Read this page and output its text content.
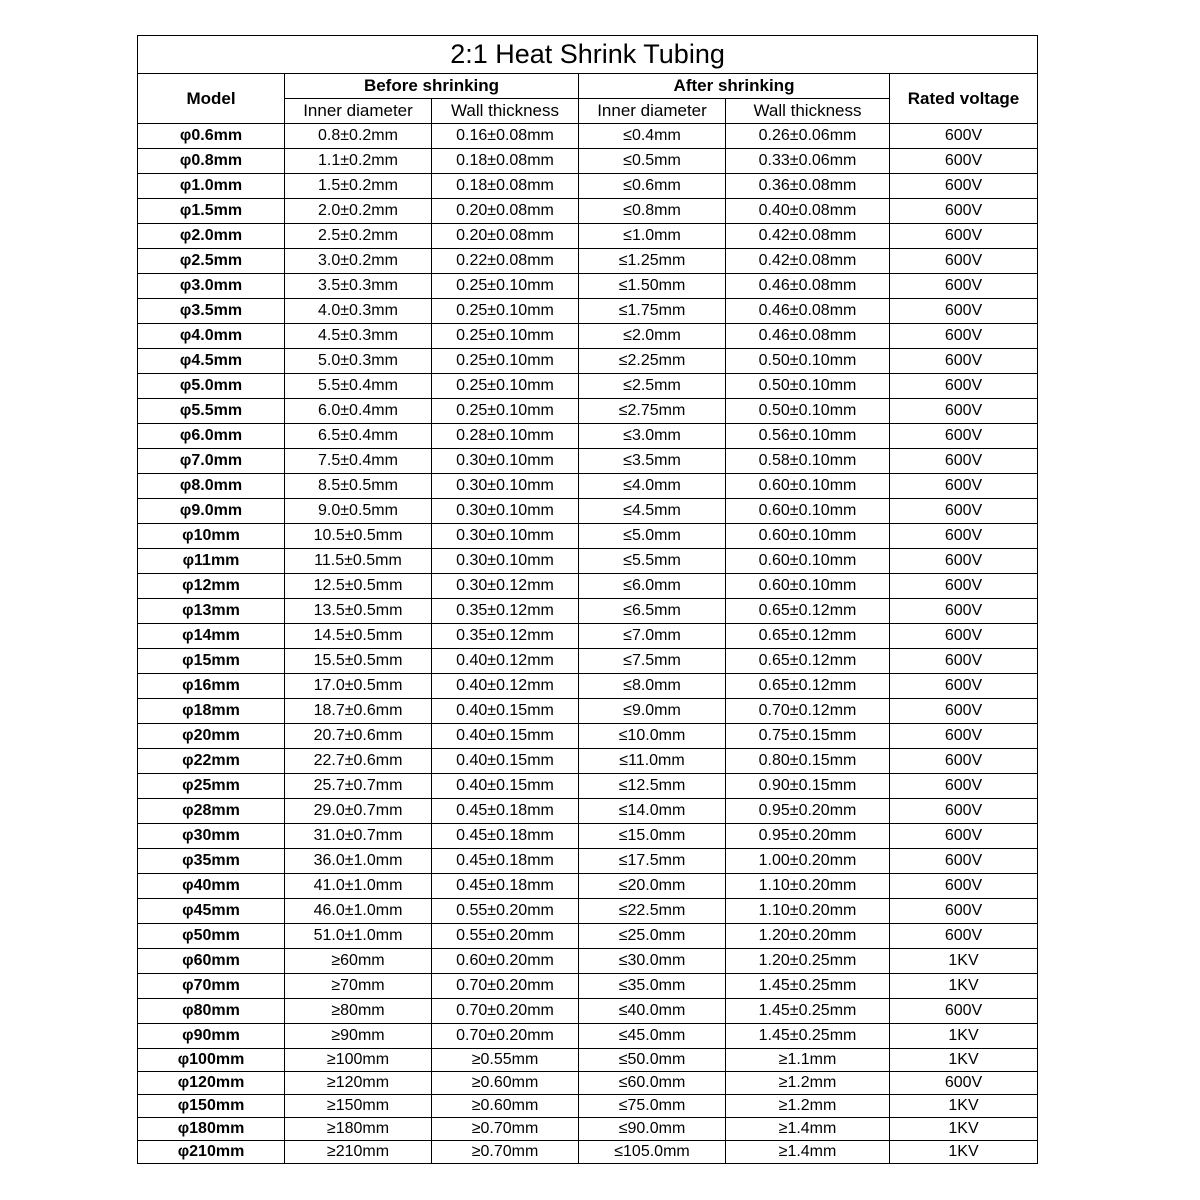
2:1 Heat Shrink Tubing					
Model	Before shrinking		After shrinking		Rated voltage
	Inner diameter	Wall thickness	Inner diameter	Wall thickness	
φ0.6mm	0.8±0.2mm	0.16±0.08mm	≤0.4mm	0.26±0.06mm	600V
φ0.8mm	1.1±0.2mm	0.18±0.08mm	≤0.5mm	0.33±0.06mm	600V
φ1.0mm	1.5±0.2mm	0.18±0.08mm	≤0.6mm	0.36±0.08mm	600V
φ1.5mm	2.0±0.2mm	0.20±0.08mm	≤0.8mm	0.40±0.08mm	600V
φ2.0mm	2.5±0.2mm	0.20±0.08mm	≤1.0mm	0.42±0.08mm	600V
φ2.5mm	3.0±0.2mm	0.22±0.08mm	≤1.25mm	0.42±0.08mm	600V
φ3.0mm	3.5±0.3mm	0.25±0.10mm	≤1.50mm	0.46±0.08mm	600V
φ3.5mm	4.0±0.3mm	0.25±0.10mm	≤1.75mm	0.46±0.08mm	600V
φ4.0mm	4.5±0.3mm	0.25±0.10mm	≤2.0mm	0.46±0.08mm	600V
φ4.5mm	5.0±0.3mm	0.25±0.10mm	≤2.25mm	0.50±0.10mm	600V
φ5.0mm	5.5±0.4mm	0.25±0.10mm	≤2.5mm	0.50±0.10mm	600V
φ5.5mm	6.0±0.4mm	0.25±0.10mm	≤2.75mm	0.50±0.10mm	600V
φ6.0mm	6.5±0.4mm	0.28±0.10mm	≤3.0mm	0.56±0.10mm	600V
φ7.0mm	7.5±0.4mm	0.30±0.10mm	≤3.5mm	0.58±0.10mm	600V
φ8.0mm	8.5±0.5mm	0.30±0.10mm	≤4.0mm	0.60±0.10mm	600V
φ9.0mm	9.0±0.5mm	0.30±0.10mm	≤4.5mm	0.60±0.10mm	600V
φ10mm	10.5±0.5mm	0.30±0.10mm	≤5.0mm	0.60±0.10mm	600V
φ11mm	11.5±0.5mm	0.30±0.10mm	≤5.5mm	0.60±0.10mm	600V
φ12mm	12.5±0.5mm	0.30±0.12mm	≤6.0mm	0.60±0.10mm	600V
φ13mm	13.5±0.5mm	0.35±0.12mm	≤6.5mm	0.65±0.12mm	600V
φ14mm	14.5±0.5mm	0.35±0.12mm	≤7.0mm	0.65±0.12mm	600V
φ15mm	15.5±0.5mm	0.40±0.12mm	≤7.5mm	0.65±0.12mm	600V
φ16mm	17.0±0.5mm	0.40±0.12mm	≤8.0mm	0.65±0.12mm	600V
φ18mm	18.7±0.6mm	0.40±0.15mm	≤9.0mm	0.70±0.12mm	600V
φ20mm	20.7±0.6mm	0.40±0.15mm	≤10.0mm	0.75±0.15mm	600V
φ22mm	22.7±0.6mm	0.40±0.15mm	≤11.0mm	0.80±0.15mm	600V
φ25mm	25.7±0.7mm	0.40±0.15mm	≤12.5mm	0.90±0.15mm	600V
φ28mm	29.0±0.7mm	0.45±0.18mm	≤14.0mm	0.95±0.20mm	600V
φ30mm	31.0±0.7mm	0.45±0.18mm	≤15.0mm	0.95±0.20mm	600V
φ35mm	36.0±1.0mm	0.45±0.18mm	≤17.5mm	1.00±0.20mm	600V
φ40mm	41.0±1.0mm	0.45±0.18mm	≤20.0mm	1.10±0.20mm	600V
φ45mm	46.0±1.0mm	0.55±0.20mm	≤22.5mm	1.10±0.20mm	600V
φ50mm	51.0±1.0mm	0.55±0.20mm	≤25.0mm	1.20±0.20mm	600V
φ60mm	≥60mm	0.60±0.20mm	≤30.0mm	1.20±0.25mm	1KV
φ70mm	≥70mm	0.70±0.20mm	≤35.0mm	1.45±0.25mm	1KV
φ80mm	≥80mm	0.70±0.20mm	≤40.0mm	1.45±0.25mm	600V
φ90mm	≥90mm	0.70±0.20mm	≤45.0mm	1.45±0.25mm	1KV
φ100mm	≥100mm	≥0.55mm	≤50.0mm	≥1.1mm	1KV
φ120mm	≥120mm	≥0.60mm	≤60.0mm	≥1.2mm	600V
φ150mm	≥150mm	≥0.60mm	≤75.0mm	≥1.2mm	1KV
φ180mm	≥180mm	≥0.70mm	≤90.0mm	≥1.4mm	1KV
φ210mm	≥210mm	≥0.70mm	≤105.0mm	≥1.4mm	1KV
